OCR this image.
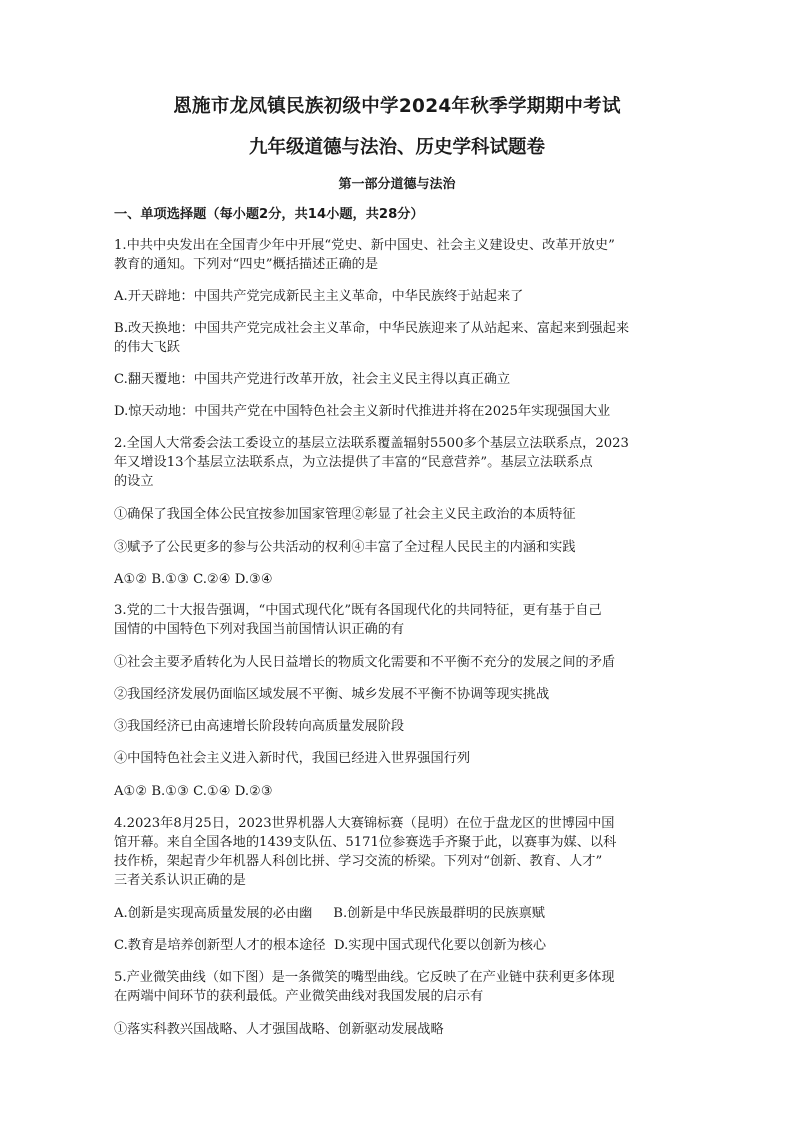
恩施市龙凤镇民族初级中学2024年秋季学期期中考试
九年级道德与法治、历史学科试题卷
第一部分道德与法治
一、单项选择题（每小题2分，共14小题，共28分）
1.中共中央发出在全国青少年中开展“党史、新中国史、社会主义建设史、改革开放史”
教育的通知。下列对“四史”概括描述正确的是
A.开天辟地：中国共产党完成新民主主义革命，中华民族终于站起来了
B.改天换地：中国共产党完成社会主义革命，中华民族迎来了从站起来、富起来到强起来
的伟大飞跃
C.翻天覆地：中国共产党进行改革开放，社会主义民主得以真正确立
D.惊天动地：中国共产党在中国特色社会主义新时代推进并将在2025年实现强国大业
2.全国人大常委会法工委设立的基层立法联系覆盖辐射5500多个基层立法联系点，2023
年又增设13个基层立法联系点，为立法提供了丰富的“民意营养”。基层立法联系点
的设立
①确保了我国全体公民宜按参加国家管理②彰显了社会主义民主政治的本质特征
③赋予了公民更多的参与公共活动的权利④丰富了全过程人民民主的内涵和实践
A①② B.①③ C.②④ D.③④
3.党的二十大报告强调，“中国式现代化”既有各国现代化的共同特征，更有基于自己
国情的中国特色下列对我国当前国情认识正确的有
①社会主要矛盾转化为人民日益增长的物质文化需要和不平衡不充分的发展之间的矛盾
②我国经济发展仍面临区域发展不平衡、城乡发展不平衡不协调等现实挑战
③我国经济已由高速增长阶段转向高质量发展阶段
④中国特色社会主义进入新时代，我国已经进入世界强国行列
A①② B.①③ C.①④ D.②③
4.2023年8月25日，2023世界机器人大赛锦标赛（昆明）在位于盘龙区的世博园中国
馆开幕。来自全国各地的1439支队伍、5171位参赛选手齐聚于此，以赛事为媒、以科
技作桥，架起青少年机器人科创比拼、学习交流的桥梁。下列对“创新、教育、人才”
三者关系认识正确的是
A.创新是实现高质量发展的必由幽     B.创新是中华民族最群明的民族禀赋
C.教育是培养创新型人才的根本途径  D.实现中国式现代化要以创新为核心
5.产业微笑曲线（如下图）是一条微笑的嘴型曲线。它反映了在产业链中获利更多体现
在两端中间环节的获利最低。产业微笑曲线对我国发展的启示有
①落实科教兴国战略、人才强国战略、创新驱动发展战略
